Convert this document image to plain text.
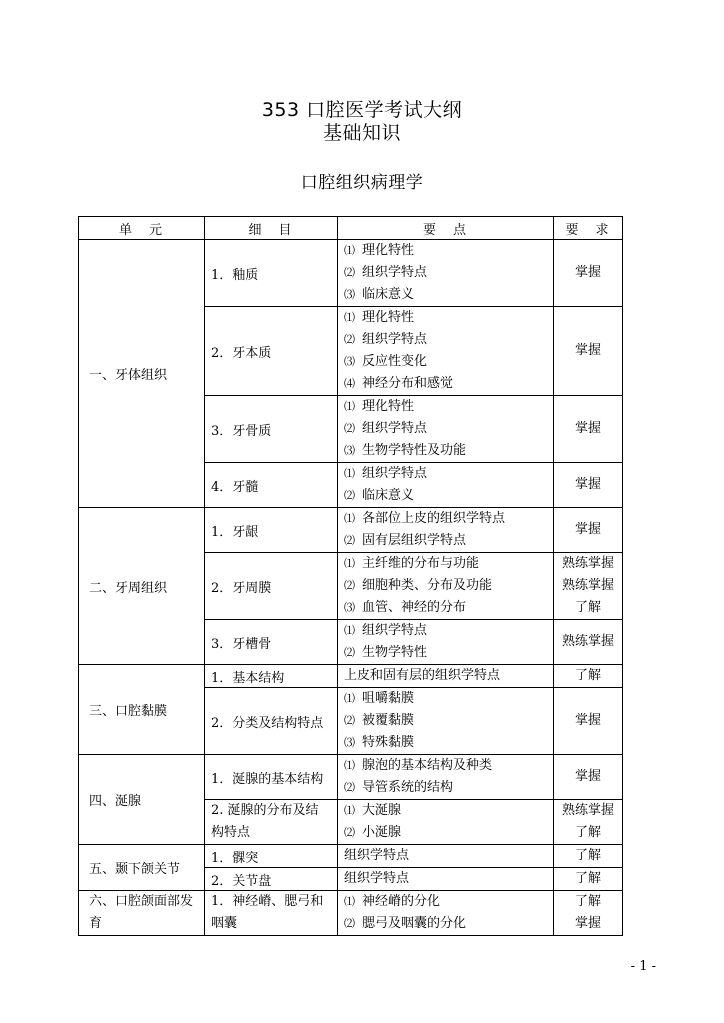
353 口腔医学考试大纲
基础知识
口腔组织病理学
单　元	细　目	要　点	要　求
一、牙体组织	1．釉质	⑴ 理化特性
⑵ 组织学特点
⑶ 临床意义	掌握

	2．牙本质	⑴ 理化特性
⑵ 组织学特点
⑶ 反应性变化
⑷ 神经分布和感觉	掌握

	3．牙骨质	⑴ 理化特性
⑵ 组织学特点
⑶ 生物学特性及功能	掌握

	4．牙髓	⑴ 组织学特点
⑵ 临床意义	掌握

二、牙周组织	1．牙龈	⑴ 各部位上皮的组织学特点
⑵ 固有层组织学特点	掌握

	2．牙周膜	⑴ 主纤维的分布与功能
⑵ 细胞种类、分布及功能
⑶ 血管、神经的分布	熟练掌握
熟练掌握
了解

	3．牙槽骨	⑴ 组织学特点
⑵ 生物学特性	熟练掌握

三、口腔黏膜	1．基本结构	上皮和固有层的组织学特点	了解

	2．分类及结构特点	⑴ 咀嚼黏膜
⑵ 被覆黏膜
⑶ 特殊黏膜	掌握

四、涎腺	1．涎腺的基本结构	⑴ 腺泡的基本结构及种类
⑵ 导管系统的结构	掌握

	2. 涎腺的分布及结
构特点	⑴ 大涎腺
⑵ 小涎腺	熟练掌握
了解

五、颞下颌关节	1．髁突	组织学特点	了解

	2．关节盘	组织学特点	了解

六、口腔颌面部发
育	1．神经嵴、腮弓和
咽囊	⑴ 神经嵴的分化
⑵ 腮弓及咽囊的分化	了解
掌握
- 1 -
